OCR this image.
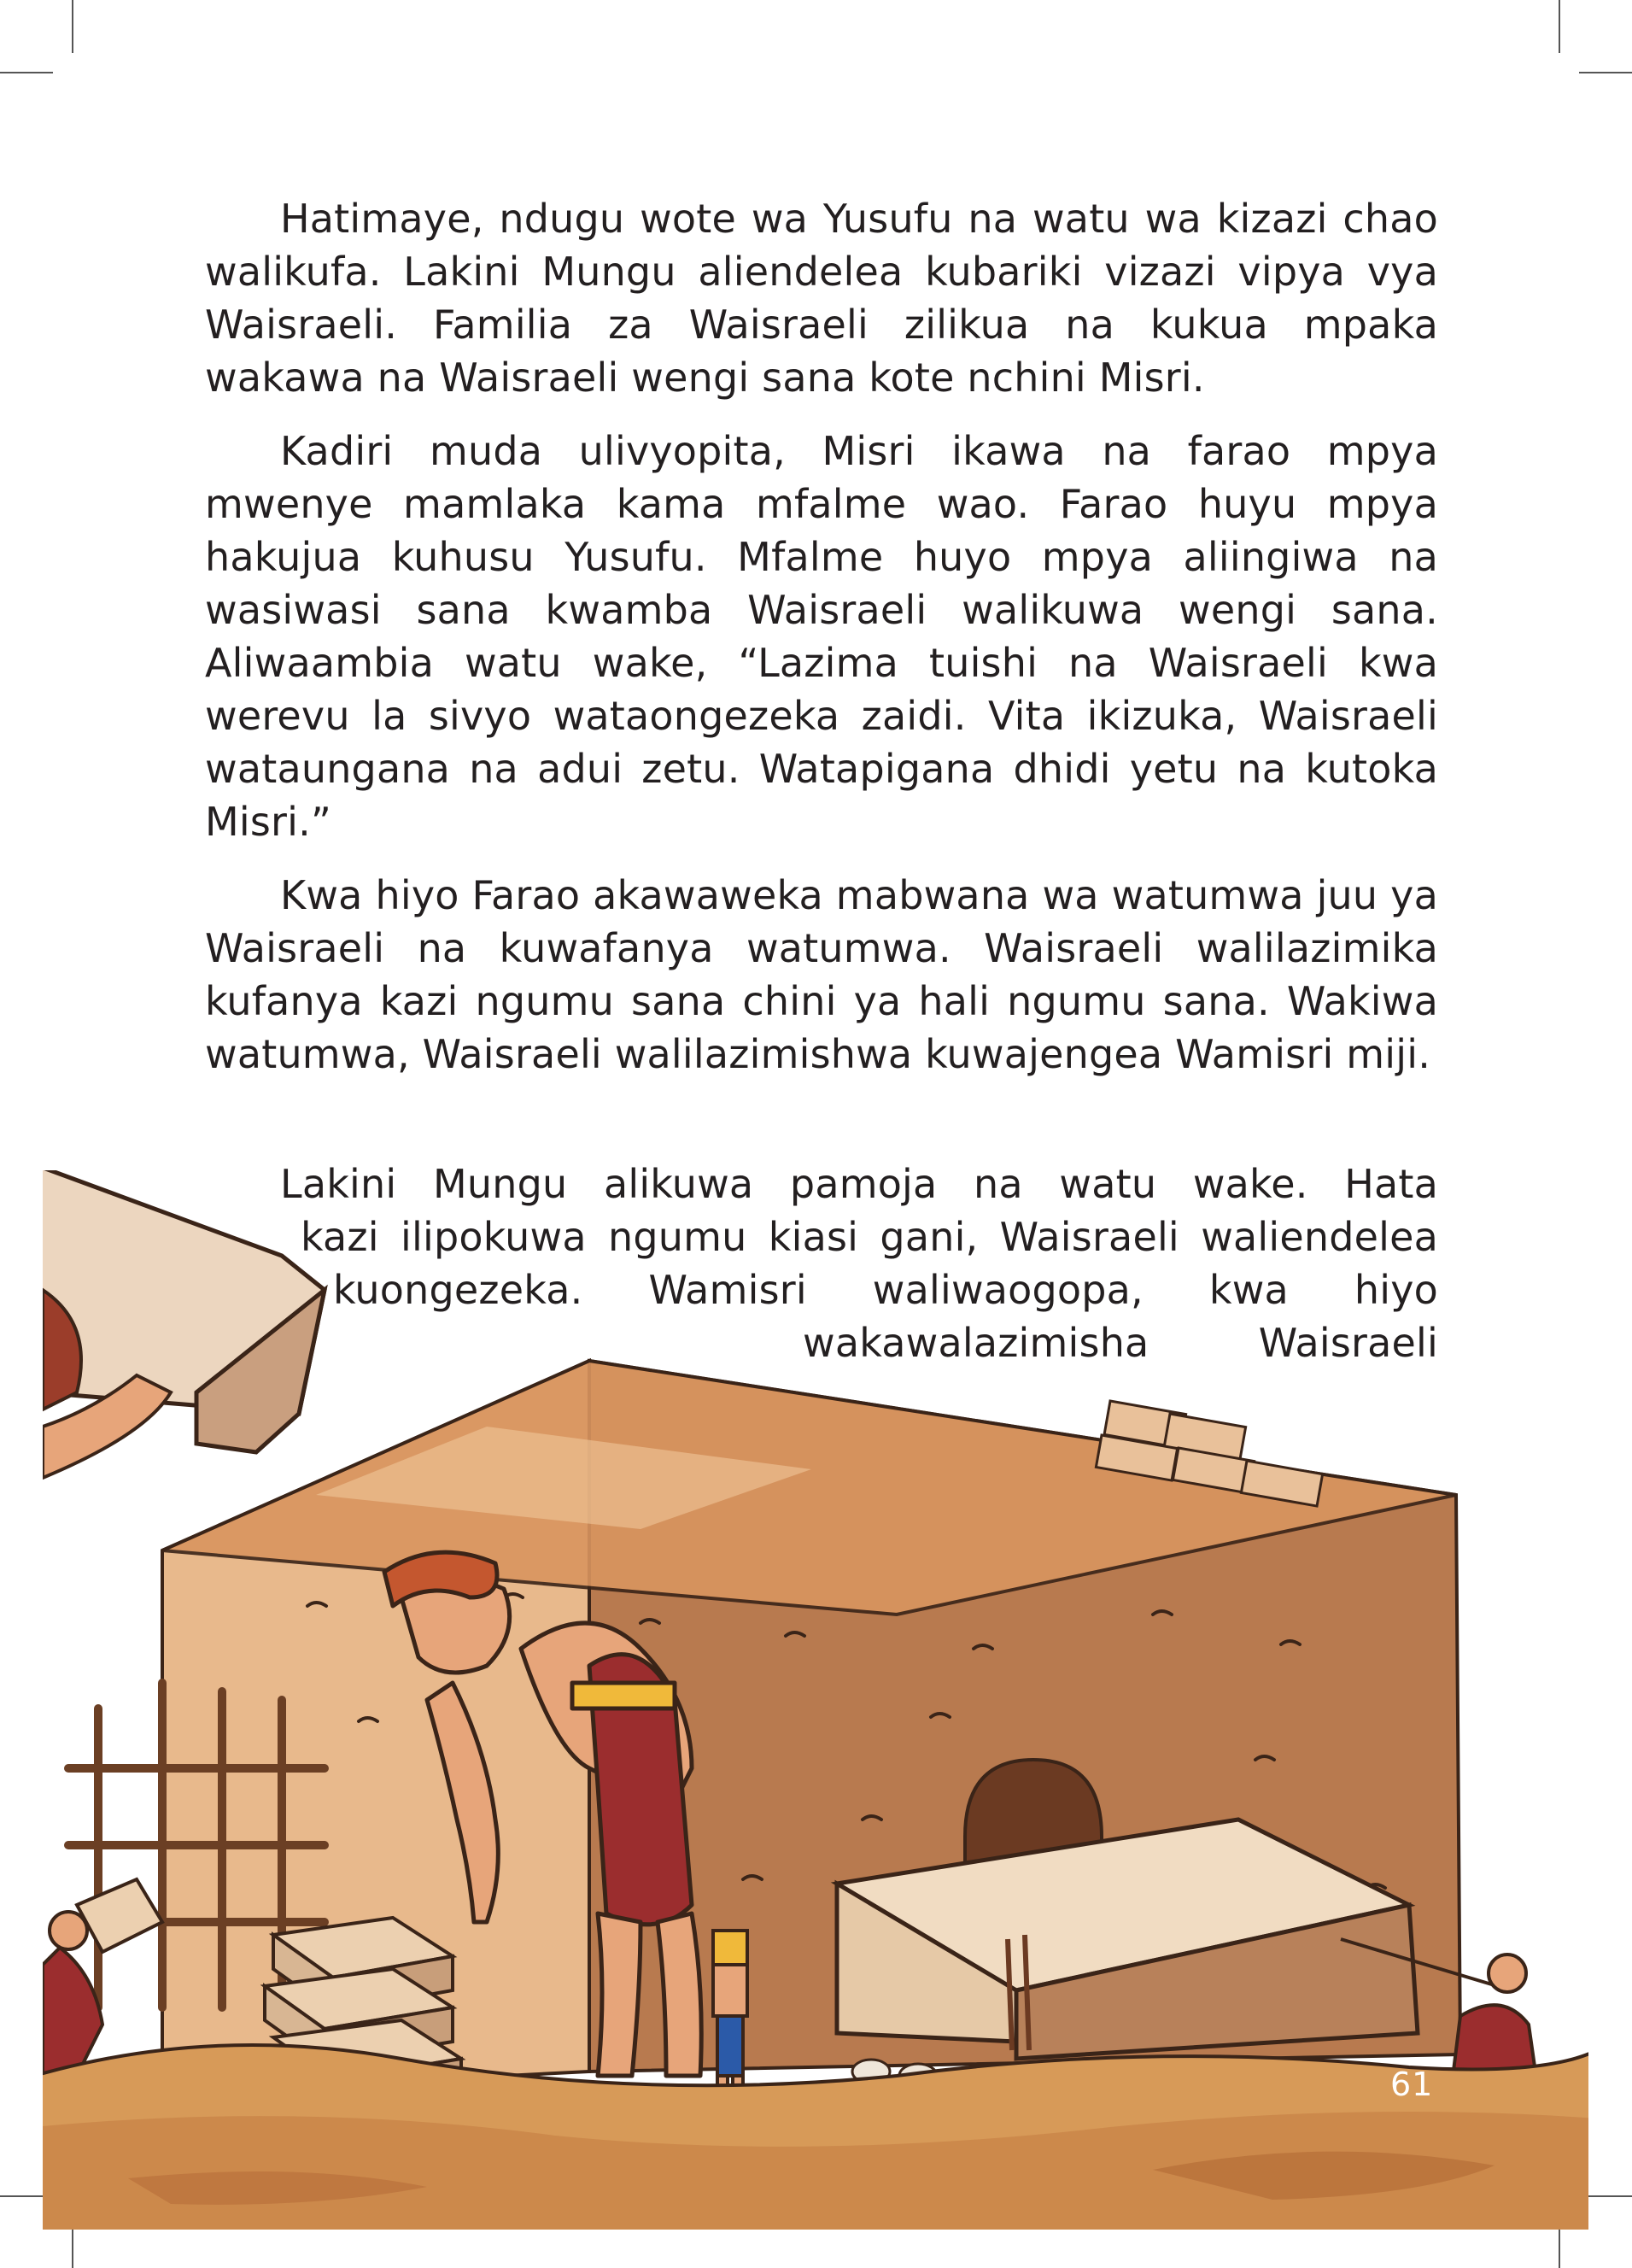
Hatimaye, ndugu wote wa Yusufu na watu wa kizazi chao walikufa. Lakini Mungu aliendelea kubariki vizazi vipya vya Waisraeli. Familia za Waisraeli zilikua na kukua mpaka wakawa na Waisraeli wengi sana kote nchini Misri.

Kadiri muda ulivyopita, Misri ikawa na farao mpya mwenye mamlaka kama mfalme wao. Farao huyu mpya hakujua kuhusu Yusufu. Mfalme huyo mpya aliingiwa na wasiwasi sana kwamba Waisraeli walikuwa wengi sana. Aliwaambia watu wake, “Lazima tuishi na Waisraeli kwa werevu la sivyo wataongezeka zaidi. Vita ikizuka, Waisraeli wataungana na adui zetu. Watapigana dhidi yetu na kutoka Misri.”

Kwa hiyo Farao akawaweka mabwana wa watumwa juu ya Waisraeli na kuwafanya watumwa. Waisraeli walilazimika kufanya kazi ngumu sana chini ya hali ngumu sana. Wakiwa watumwa, Waisraeli walilazimishwa kuwajengea Wamisri miji.

Lakini Mungu alikuwa pamoja na watu wake. Hata
kazi ilipokuwa ngumu kiasi gani, Waisraeli waliendelea
kuongezeka. Wamisri waliwaogopa, kwa hiyo
wakawalazimisha Waisraeli
61
